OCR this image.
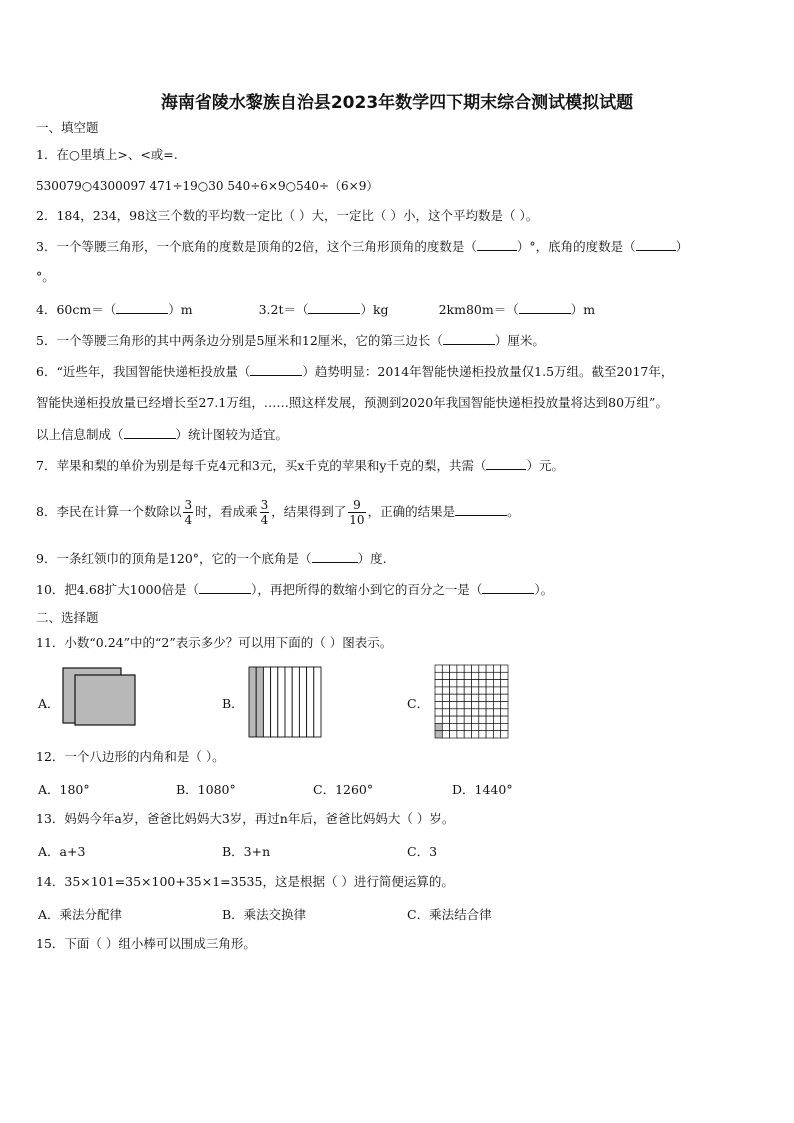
海南省陵水黎族自治县2023年数学四下期末综合测试模拟试题
一、填空题
1．在○里填上>、<或=.
530079○4300097 471÷19○30 540÷6×9○540÷（6×9）
2．184，234，98这三个数的平均数一定比（ ）大，一定比（ ）小，这个平均数是（ ）。
3．一个等腰三角形，一个底角的度数是顶角的2倍，这个三角形顶角的度数是（	）°，底角的度数是（	）
°。
4．60cm＝（	）m	3.2t＝（	）kg	2km80m＝（	）m
5．一个等腰三角形的其中两条边分别是5厘米和12厘米，它的第三边长（	）厘米。
6．“近些年，我国智能快递柜投放量（	）趋势明显：2014年智能快递柜投放量仅1.5万组。截至2017年，
智能快递柜投放量已经增长至27.1万组，……照这样发展，预测到2020年我国智能快递柜投放量将达到80万组”。
以上信息制成（	）统计图较为适宜。
7．苹果和梨的单价为别是每千克4元和3元，买x千克的苹果和y千克的梨，共需（	）元。
8．李民在计算一个数除以 $\frac{3}{4}$ 时，看成乘 $\frac{3}{4}$ ，结果得到了 $\frac{9}{10}$ ，正确的结果是	。
9．一条红领巾的顶角是120°，它的一个底角是（	）度.
10．把4.68扩大1000倍是（	），再把所得的数缩小到它的百分之一是（	）。
二、选择题
11．小数“0.24”中的“2”表示多少？可以用下面的（ ）图表示。
A．	B．	C．
12．一个八边形的内角和是（ ）。
A．180°	B．1080°	C．1260°	D．1440°
13．妈妈今年a岁，爸爸比妈妈大3岁，再过n年后，爸爸比妈妈大（ ）岁。
A．a+3	B．3+n	C．3
14．35×101=35×100+35×1=3535，这是根据（ ）进行简便运算的。
A．乘法分配律	B．乘法交换律	C．乘法结合律
15．下面（ ）组小棒可以围成三角形。
